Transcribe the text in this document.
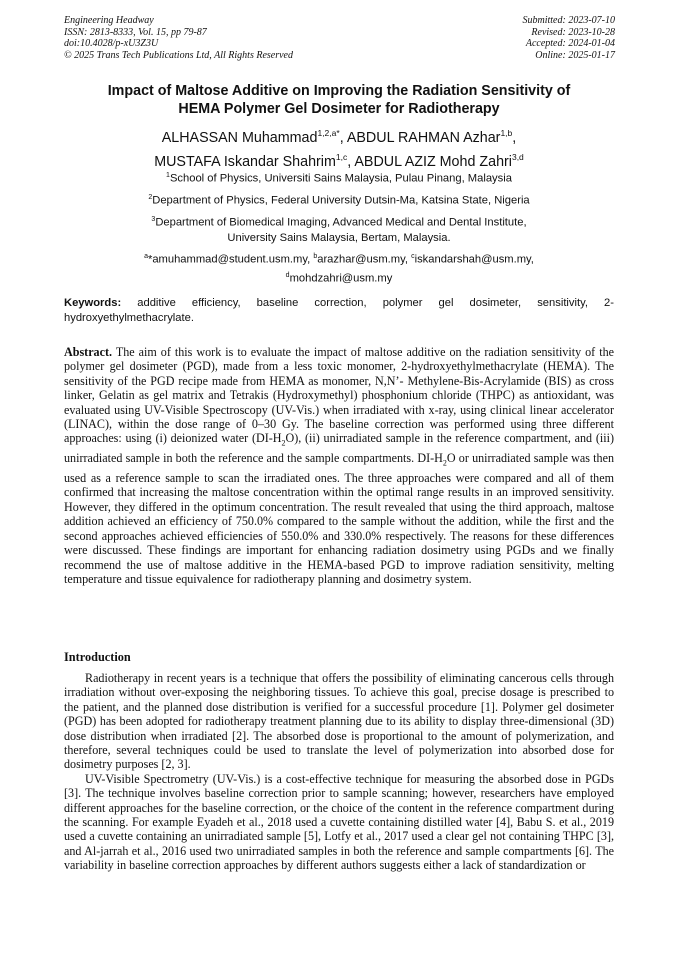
Engineering Headway
ISSN: 2813-8333, Vol. 15, pp 79-87
doi:10.4028/p-xU3Z3U
© 2025 Trans Tech Publications Ltd, All Rights Reserved
Submitted: 2023-07-10
Revised: 2023-10-28
Accepted: 2024-01-04
Online: 2025-01-17
Impact of Maltose Additive on Improving the Radiation Sensitivity of
HEMA Polymer Gel Dosimeter for Radiotherapy
ALHASSAN Muhammad$^{1,2,a*}$, ABDUL RAHMAN Azhar$^{1,b}$,
MUSTAFA Iskandar Shahrim$^{1,c}$, ABDUL AZIZ Mohd Zahri$^{3,d}$
$^1$School of Physics, Universiti Sains Malaysia, Pulau Pinang, Malaysia
$^2$Department of Physics, Federal University Dutsin-Ma, Katsina State, Nigeria
$^3$Department of Biomedical Imaging, Advanced Medical and Dental Institute,
University Sains Malaysia, Bertam, Malaysia.
$^a$*amuhammad@student.usm.my, $^b$arazhar@usm.my, $^c$iskandarshah@usm.my,
$^d$mohdzahri@usm.my
Keywords: additive efficiency, baseline correction, polymer gel dosimeter, sensitivity, 2-hydroxyethylmethacrylate.
Abstract. The aim of this work is to evaluate the impact of maltose additive on the radiation sensitivity of the polymer gel dosimeter (PGD), made from a less toxic monomer, 2-hydroxyethylmethacrylate (HEMA). The sensitivity of the PGD recipe made from HEMA as monomer, N,N’- Methylene-Bis-Acrylamide (BIS) as cross linker, Gelatin as gel matrix and Tetrakis (Hydroxymethyl) phosphonium chloride (THPC) as antioxidant, was evaluated using UV-Visible Spectroscopy (UV-Vis.) when irradiated with x-ray, using clinical linear accelerator (LINAC), within the dose range of 0–30 Gy. The baseline correction was performed using three different approaches: using (i) deionized water $(DI-H_2O)$, (ii) unirradiated sample in the reference compartment, and (iii) unirradiated sample in both the reference and the sample compartments. $DI-H_2O$ or unirradiated sample was then used as a reference sample to scan the irradiated ones. The three approaches were compared and all of them confirmed that increasing the maltose concentration within the optimal range results in an improved sensitivity. However, they differed in the optimum concentration. The result revealed that using the third approach, maltose addition achieved an efficiency of 750.0% compared to the sample without the addition, while the first and the second approaches achieved efficiencies of 550.0% and 330.0% respectively. The reasons for these differences were discussed. These findings are important for enhancing radiation dosimetry using PGDs and we finally recommend the use of maltose additive in the HEMA-based PGD to improve radiation sensitivity, melting temperature and tissue equivalence for radiotherapy planning and dosimetry system.
Introduction

Radiotherapy in recent years is a technique that offers the possibility of eliminating cancerous cells through irradiation without over-exposing the neighboring tissues. To achieve this goal, precise dosage is prescribed to the patient, and the planned dose distribution is verified for a successful procedure [1]. Polymer gel dosimeter (PGD) has been adopted for radiotherapy treatment planning due to its ability to display three-dimensional (3D) dose distribution when irradiated [2]. The absorbed dose is proportional to the amount of polymerization, and therefore, several techniques could be used to translate the level of polymerization into absorbed dose for dosimetry purposes [2, 3].

UV-Visible Spectrometry (UV-Vis.) is a cost-effective technique for measuring the absorbed dose in PGDs [3]. The technique involves baseline correction prior to sample scanning; however, researchers have employed different approaches for the baseline correction, or the choice of the content in the reference compartment during the scanning. For example Eyadeh et al., 2018 used a cuvette containing distilled water [4], Babu S. et al., 2019 used a cuvette containing an unirradiated sample [5], Lotfy et al., 2017 used a clear gel not containing THPC [3], and Al-jarrah et al., 2016 used two unirradiated samples in both the reference and sample compartments [6]. The variability in baseline correction approaches by different authors suggests either a lack of standardization or
